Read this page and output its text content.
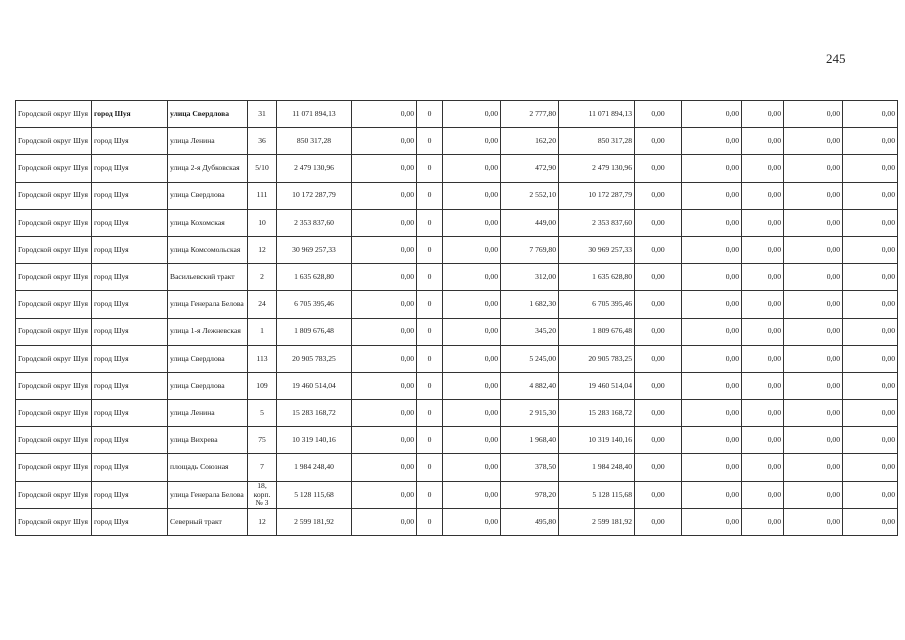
245
Городской округ Шуя	город Шуя	улица Свердлова	31	11 071 894,13	0,00	0	0,00	2 777,80	11 071 894,13	0,00	0,00	0,00	0,00	0,00
Городской округ Шуя	город Шуя	улица Ленина	36	850 317,28	0,00	0	0,00	162,20	850 317,28	0,00	0,00	0,00	0,00	0,00
Городской округ Шуя	город Шуя	улица 2-я Дубковская	5/10	2 479 130,96	0,00	0	0,00	472,90	2 479 130,96	0,00	0,00	0,00	0,00	0,00
Городской округ Шуя	город Шуя	улица Свердлова	111	10 172 287,79	0,00	0	0,00	2 552,10	10 172 287,79	0,00	0,00	0,00	0,00	0,00
Городской округ Шуя	город Шуя	улица Кохомская	10	2 353 837,60	0,00	0	0,00	449,00	2 353 837,60	0,00	0,00	0,00	0,00	0,00
Городской округ Шуя	город Шуя	улица Комсомольская	12	30 969 257,33	0,00	0	0,00	7 769,80	30 969 257,33	0,00	0,00	0,00	0,00	0,00
Городской округ Шуя	город Шуя	Васильевский тракт	2	1 635 628,80	0,00	0	0,00	312,00	1 635 628,80	0,00	0,00	0,00	0,00	0,00
Городской округ Шуя	город Шуя	улица Генерала Белова	24	6 705 395,46	0,00	0	0,00	1 682,30	6 705 395,46	0,00	0,00	0,00	0,00	0,00
Городской округ Шуя	город Шуя	улица 1-я Лежневская	1	1 809 676,48	0,00	0	0,00	345,20	1 809 676,48	0,00	0,00	0,00	0,00	0,00
Городской округ Шуя	город Шуя	улица Свердлова	113	20 905 783,25	0,00	0	0,00	5 245,00	20 905 783,25	0,00	0,00	0,00	0,00	0,00
Городской округ Шуя	город Шуя	улица Свердлова	109	19 460 514,04	0,00	0	0,00	4 882,40	19 460 514,04	0,00	0,00	0,00	0,00	0,00
Городской округ Шуя	город Шуя	улица Ленина	5	15 283 168,72	0,00	0	0,00	2 915,30	15 283 168,72	0,00	0,00	0,00	0,00	0,00
Городской округ Шуя	город Шуя	улица Вихрева	75	10 319 140,16	0,00	0	0,00	1 968,40	10 319 140,16	0,00	0,00	0,00	0,00	0,00
Городской округ Шуя	город Шуя	площадь Союзная	7	1 984 248,40	0,00	0	0,00	378,50	1 984 248,40	0,00	0,00	0,00	0,00	0,00
Городской округ Шуя	город Шуя	улица Генерала Белова	18, корп. № 3	5 128 115,68	0,00	0	0,00	978,20	5 128 115,68	0,00	0,00	0,00	0,00	0,00
Городской округ Шуя	город Шуя	Северный тракт	12	2 599 181,92	0,00	0	0,00	495,80	2 599 181,92	0,00	0,00	0,00	0,00	0,00
